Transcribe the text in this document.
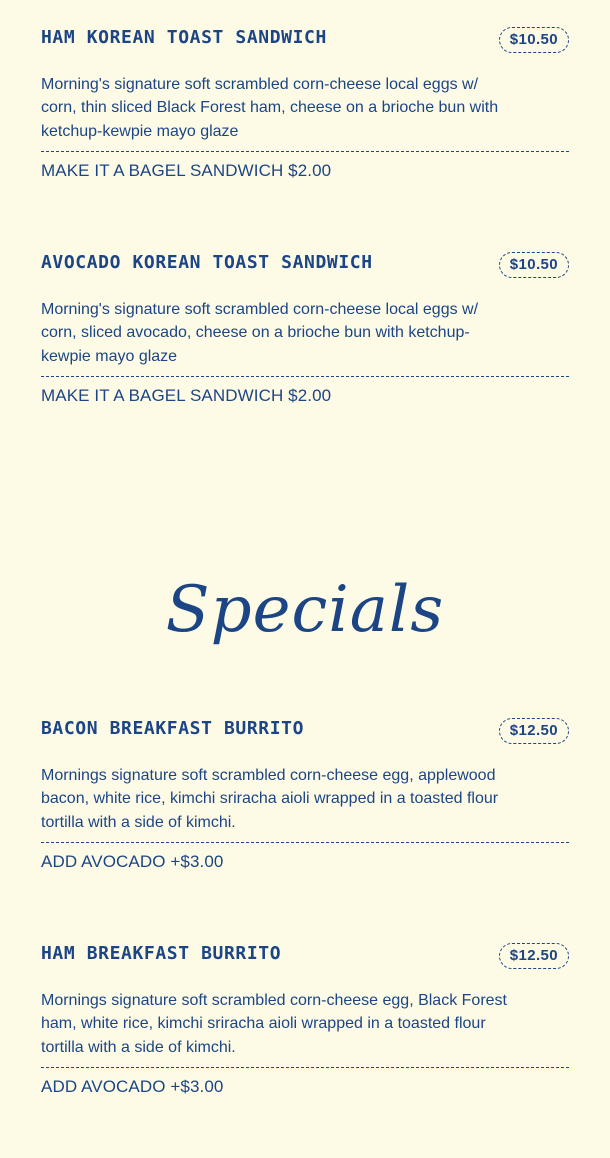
HAM KOREAN TOAST SANDWICH	$10.50
Morning's signature soft scrambled corn-cheese local eggs w/ corn, thin sliced Black Forest ham, cheese on a brioche bun with ketchup-kewpie mayo glaze
MAKE IT A BAGEL SANDWICH $2.00
AVOCADO KOREAN TOAST SANDWICH	$10.50
Morning's signature soft scrambled corn-cheese local eggs w/ corn, sliced avocado, cheese on a brioche bun with ketchup-kewpie mayo glaze
MAKE IT A BAGEL SANDWICH $2.00
Specials
BACON BREAKFAST BURRITO	$12.50
Mornings signature soft scrambled corn-cheese egg, applewood bacon, white rice, kimchi sriracha aioli wrapped in a toasted flour tortilla with a side of kimchi.
ADD AVOCADO +$3.00
HAM BREAKFAST BURRITO	$12.50
Mornings signature soft scrambled corn-cheese egg, Black Forest ham, white rice, kimchi sriracha aioli wrapped in a toasted flour tortilla with a side of kimchi.
ADD AVOCADO +$3.00
